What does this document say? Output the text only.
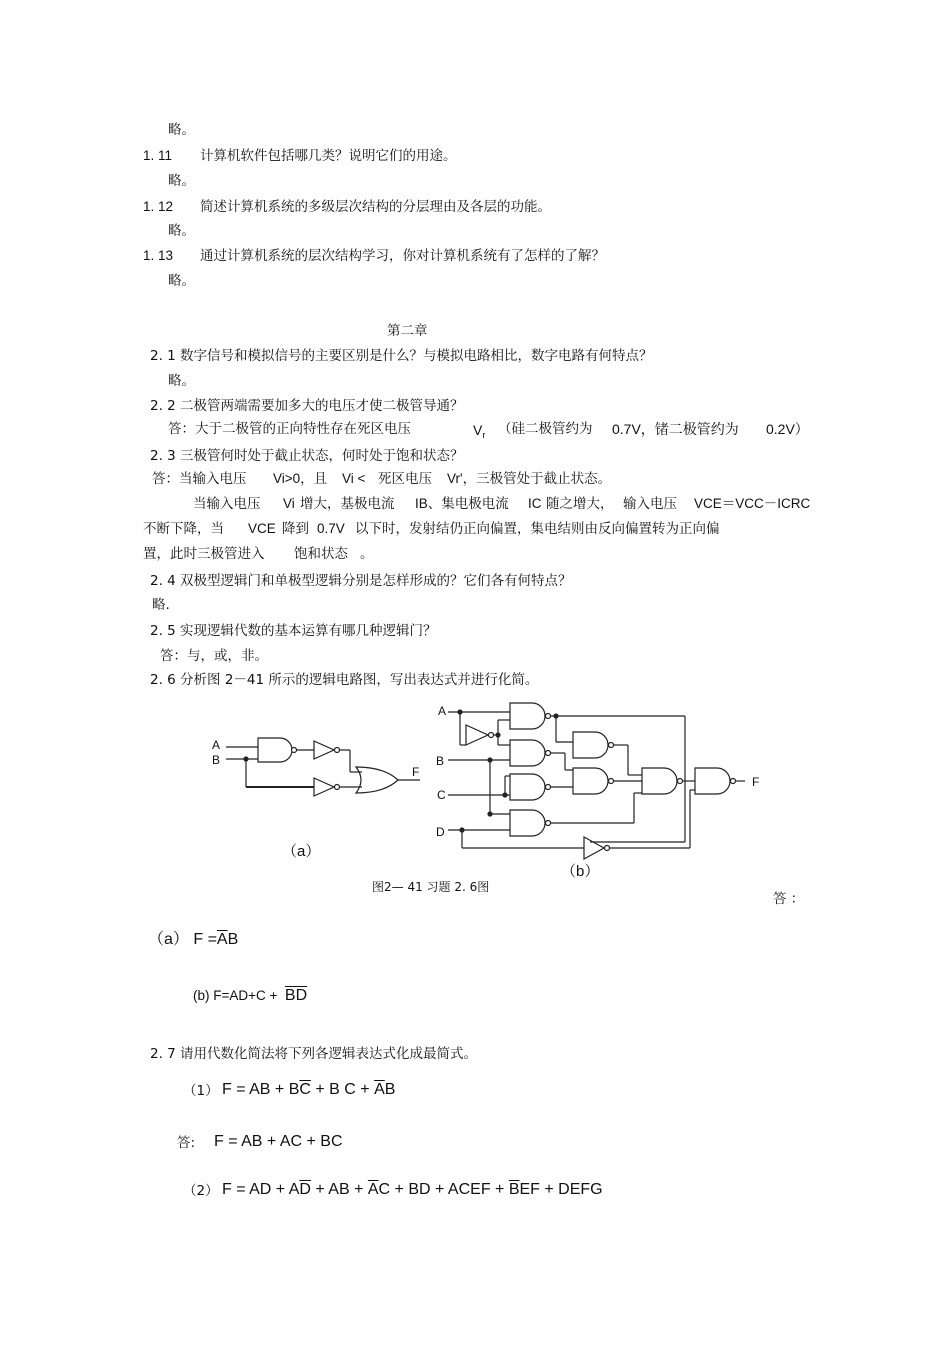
略。
1. 11 计算机软件包括哪几类？说明它们的用途。
略。
1. 12 简述计算机系统的多级层次结构的分层理由及各层的功能。
略。
1. 13 通过计算机系统的层次结构学习，你对计算机系统有了怎样的了解？
略。
第二章
2. 1 数字信号和模拟信号的主要区别是什么？与模拟电路相比，数字电路有何特点？
略。
2. 2 二极管两端需要加多大的电压才使二极管导通？
答：大于二极管的正向特性存在死区电压	$V_r$ （硅二极管约为 0.7V，锗二极管约为 0.2V）
2. 3 三极管何时处于截止状态，何时处于饱和状态？
答：当输入电压 Vi>0，且 Vi < 死区电压 Vr'，三极管处于截止状态。
当输入电压 Vi 增大，基极电流 IB、集电极电流 IC 随之增大， 输入电压 VCE＝VCC－ICRC
不断下降，当 VCE 降到 0.7V 以下时，发射结仍正向偏置，集电结则由反向偏置转为正向偏
置，此时三极管进入 饱和状态 。
2. 4 双极型逻辑门和单极型逻辑分别是怎样形成的？它们各有何特点？
略.
2. 5 实现逻辑代数的基本运算有哪几种逻辑门？
答：与，或，非。
2. 6 分析图 2－41 所示的逻辑电路图，写出表达式并进行化简。
A
B
F
（a）
A
B
C
D
F
（b）
图2— 41 习题 2. 6图
答 ：
（a） $F =\overline{A}B$
(b) $F=AD+C + \overline{BD}$
2. 7 请用代数化简法将下列各逻辑表达式化成最简式。
（1） F = AB + $B\overline{C} + B$ $C + \overline{A}B$
答: F = AB + AC + BC
（2） F = AD + $A\overline{D}$ + AB + $\overline{A}C$ + BD + ACEF + $\overline{B}EF$ + DEFG
